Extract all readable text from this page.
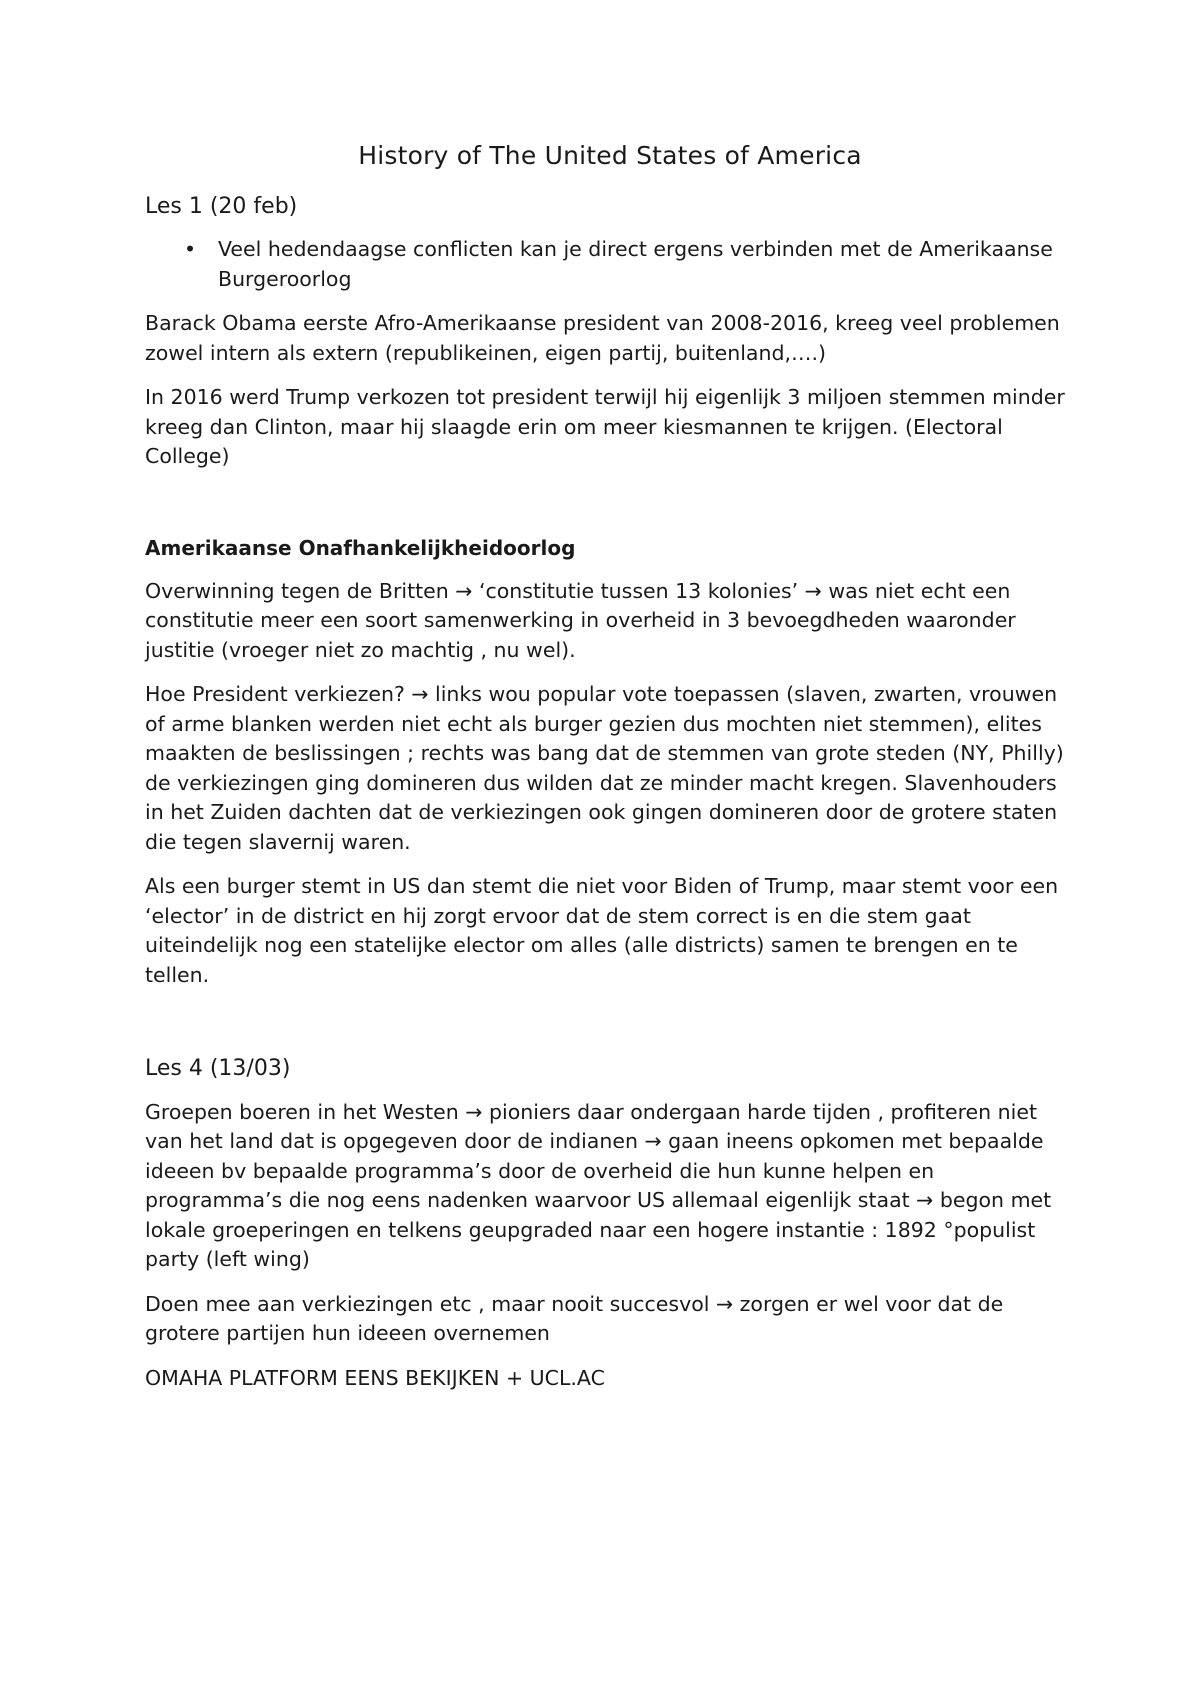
History of The United States of America
Les 1 (20 feb)
• Veel hedendaagse conflicten kan je direct ergens verbinden met de Amerikaanse Burgeroorlog

Barack Obama eerste Afro-Amerikaanse president van 2008-2016, kreeg veel problemen zowel intern als extern (republikeinen, eigen partij, buitenland,….)

In 2016 werd Trump verkozen tot president terwijl hij eigenlijk 3 miljoen stemmen minder kreeg dan Clinton, maar hij slaagde erin om meer kiesmannen te krijgen. (Electoral College)

Amerikaanse Onafhankelijkheidoorlog

Overwinning tegen de Britten → ‘constitutie tussen 13 kolonies’ → was niet echt een constitutie meer een soort samenwerking in overheid in 3 bevoegdheden waaronder justitie (vroeger niet zo machtig , nu wel).

Hoe President verkiezen? → links wou popular vote toepassen (slaven, zwarten, vrouwen of arme blanken werden niet echt als burger gezien dus mochten niet stemmen), elites maakten de beslissingen ; rechts was bang dat de stemmen van grote steden (NY, Philly) de verkiezingen ging domineren dus wilden dat ze minder macht kregen. Slavenhouders in het Zuiden dachten dat de verkiezingen ook gingen domineren door de grotere staten die tegen slavernij waren.

Als een burger stemt in US dan stemt die niet voor Biden of Trump, maar stemt voor een ‘elector’ in de district en hij zorgt ervoor dat de stem correct is en die stem gaat uiteindelijk nog een statelijke elector om alles (alle districts) samen te brengen en te tellen.

Les 4 (13/03)

Groepen boeren in het Westen → pioniers daar ondergaan harde tijden , profiteren niet van het land dat is opgegeven door de indianen → gaan ineens opkomen met bepaalde ideeen bv bepaalde programma’s door de overheid die hun kunne helpen en programma’s die nog eens nadenken waarvoor US allemaal eigenlijk staat → begon met lokale groeperingen en telkens geupgraded naar een hogere instantie : 1892 °populist party (left wing)

Doen mee aan verkiezingen etc , maar nooit succesvol → zorgen er wel voor dat de grotere partijen hun ideeen overnemen

OMAHA PLATFORM EENS BEKIJKEN + UCL.AC
